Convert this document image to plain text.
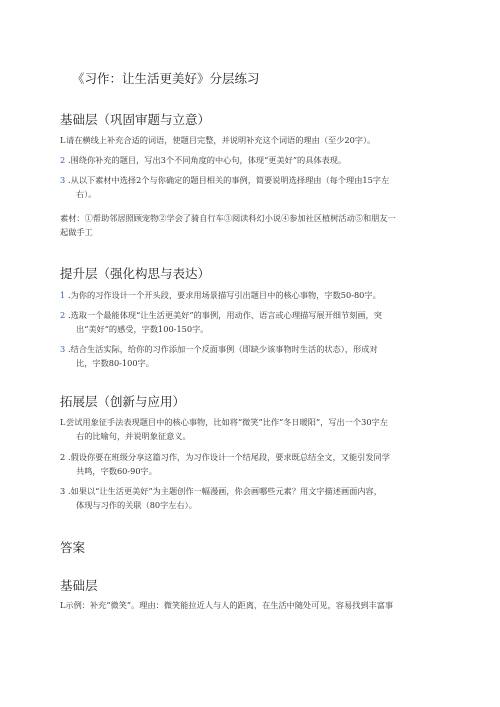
《习作：让生活更美好》分层练习
基础层（巩固审题与立意）
L 请在横线上补充合适的词语，使题目完整，并说明补充这个词语的理由（至少20字）。
2 .围绕你补充的题目，写出3个不同角度的中心句，体现“更美好”的具体表现。
3 .从以下素材中选择2个与你确定的题目相关的事例，简要说明选择理由（每个理由15字左
右）。
素材：①帮助邻居照顾宠物②学会了骑自行车③阅读科幻小说④参加社区植树活动⑤和朋友一
起做手工
提升层（强化构思与表达）
1 .为你的习作设计一个开头段，要求用场景描写引出题目中的核心事物，字数50-80字。
2 .选取一个最能体现“让生活更美好”的事例，用动作、语言或心理描写展开细节刻画，突
出“美好”的感受，字数100-150字。
3 .结合生活实际，给你的习作添加一个反面事例（即缺少该事物时生活的状态），形成对
比，字数80-100字。
拓展层（创新与应用）
L 尝试用象征手法表现题目中的核心事物，比如将“微笑”比作“冬日暖阳”，写出一个30字左
右的比喻句，并说明象征意义。
2 .假设你要在班级分享这篇习作，为习作设计一个结尾段，要求既总结全文，又能引发同学
共鸣，字数60-90字。
3 .如果以“让生活更美好”为主题创作一幅漫画，你会画哪些元素？用文字描述画面内容，
体现与习作的关联（80字左右）。
答案
基础层
L示例：补充“微笑”。理由：微笑能拉近人与人的距离，在生活中随处可见，容易找到丰富事
